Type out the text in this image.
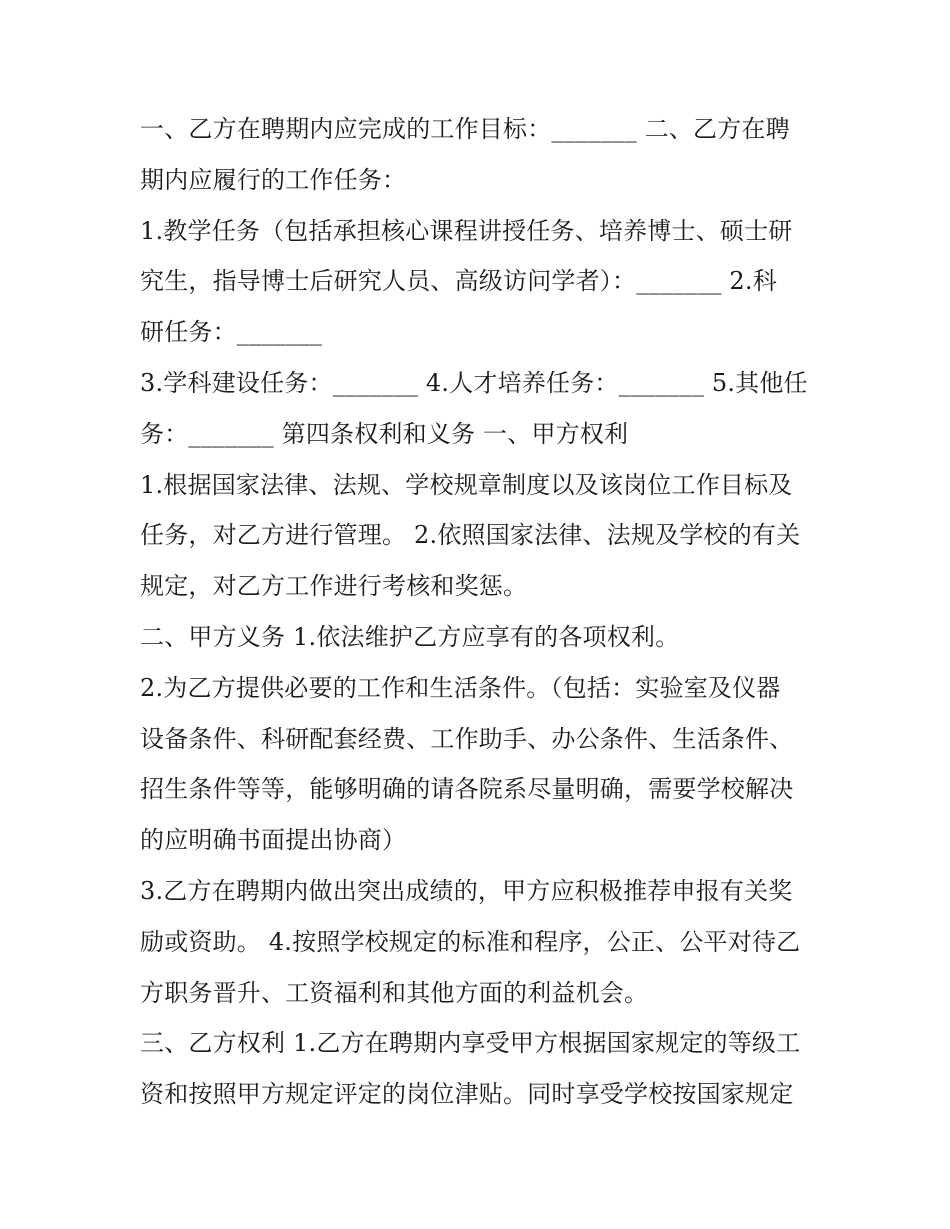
一、乙方在聘期内应完成的工作目标：_______ 二、乙方在聘
期内应履行的工作任务：
1.教学任务（包括承担核心课程讲授任务、培养博士、硕士研
究生，指导博士后研究人员、高级访问学者）：_______ 2.科
研任务：_______
3.学科建设任务：_______ 4.人才培养任务：_______ 5.其他任
务：_______ 第四条权利和义务 一、甲方权利
1.根据国家法律、法规、学校规章制度以及该岗位工作目标及
任务，对乙方进行管理。 2.依照国家法律、法规及学校的有关
规定，对乙方工作进行考核和奖惩。
二、甲方义务 1.依法维护乙方应享有的各项权利。
2.为乙方提供必要的工作和生活条件。（包括：实验室及仪器
设备条件、科研配套经费、工作助手、办公条件、生活条件、
招生条件等等，能够明确的请各院系尽量明确，需要学校解决
的应明确书面提出协商）
3.乙方在聘期内做出突出成绩的，甲方应积极推荐申报有关奖
励或资助。 4.按照学校规定的标准和程序，公正、公平对待乙
方职务晋升、工资福利和其他方面的利益机会。
三、乙方权利 1.乙方在聘期内享受甲方根据国家规定的等级工
资和按照甲方规定评定的岗位津贴。同时享受学校按国家规定
